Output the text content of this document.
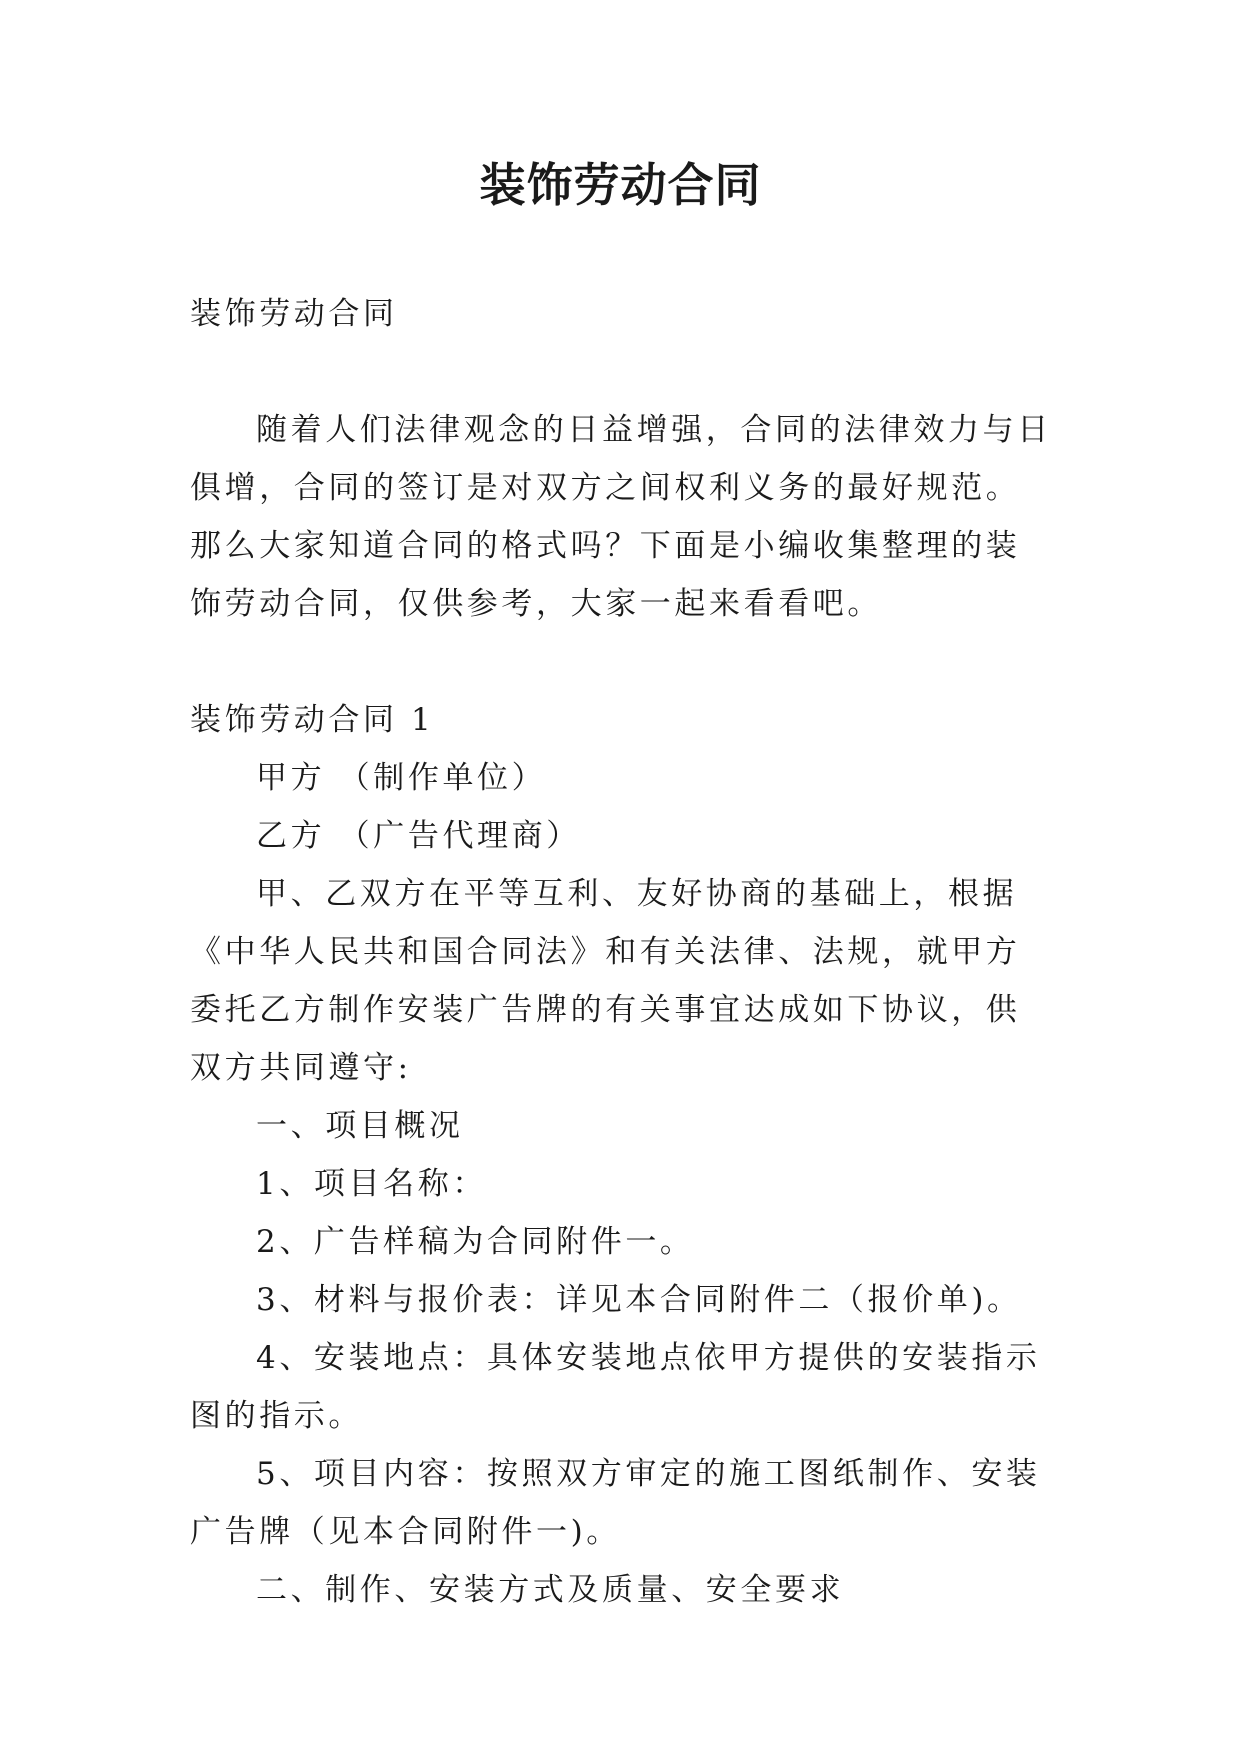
装饰劳动合同

装饰劳动合同

随着人们法律观念的日益增强，合同的法律效力与日俱增，合同的签订是对双方之间权利义务的最好规范。那么大家知道合同的格式吗？下面是小编收集整理的装饰劳动合同，仅供参考，大家一起来看看吧。

装饰劳动合同 1

甲方 （制作单位）

乙方 （广告代理商）

甲、乙双方在平等互利、友好协商的基础上，根据《中华人民共和国合同法》和有关法律、法规，就甲方委托乙方制作安装广告牌的有关事宜达成如下协议，供双方共同遵守:

一、项目概况

1、项目名称：

2、广告样稿为合同附件一。

3、材料与报价表：详见本合同附件二（报价单)。

4、安装地点：具体安装地点依甲方提供的安装指示图的指示。

5、项目内容：按照双方审定的施工图纸制作、安装广告牌（见本合同附件一)。

二、制作、安装方式及质量、安全要求
